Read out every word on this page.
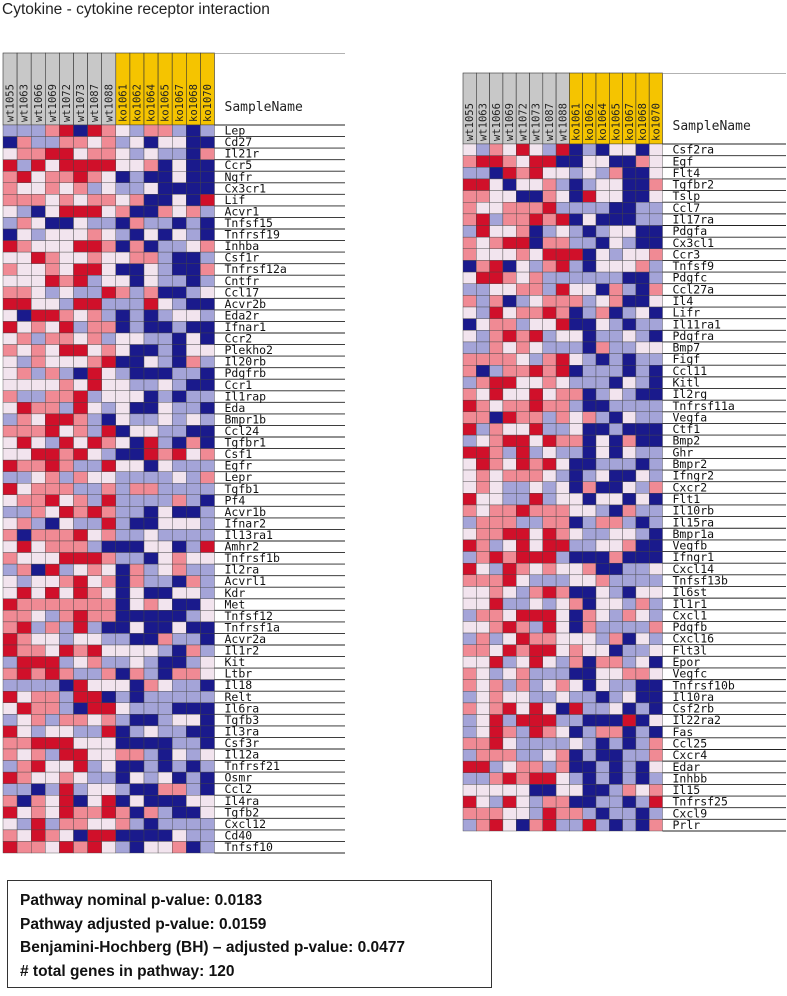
Cytokine - cytokine receptor interaction
wt1055 wt1063 wt1066 wt1069 wt1072 wt1073 wt1087 wt1088 ko1061 ko1062 ko1064 ko1065 ko1067 ko1068 ko1070 SampleName
Lep
Cd27
Il21r
Ccr5
Ngfr
Cx3cr1
Lif
Acvr1
Tnfsf15
Tnfrsf19
Inhba
Csf1r
Tnfrsf12a
Cntfr
Ccl17
Acvr2b
Eda2r
Ifnar1
Ccr2
Plekho2
Il20rb
Pdgfrb
Ccr1
Il1rap
Eda
Bmpr1b
Ccl24
Tgfbr1
Csf1
Egfr
Lepr
Tgfb1
Pf4
Acvr1b
Ifnar2
Il13ra1
Amhr2
Tnfrsf1b
Il2ra
Acvrl1
Kdr
Met
Tnfsf12
Tnfrsf1a
Acvr2a
Il1r2
Kit
Ltbr
Il18
Relt
Il6ra
Tgfb3
Il3ra
Csf3r
Il12a
Tnfrsf21
Osmr
Ccl2
Il4ra
Tgfb2
Cxcl12
Cd40
Tnfsf10
wt1055 wt1063 wt1066 wt1069 wt1072 wt1073 wt1087 wt1088 ko1061 ko1062 ko1064 ko1065 ko1067 ko1068 ko1070 SampleName
Csf2ra
Egf
Flt4
Tgfbr2
Tslp
Ccl7
Il17ra
Pdgfa
Cx3cl1
Ccr3
Tnfsf9
Pdgfc
Ccl27a
Il4
Lifr
Il11ra1
Pdgfra
Bmp7
Figf
Ccl11
Kitl
Il2rg
Tnfrsf11a
Vegfa
Ctf1
Bmp2
Ghr
Bmpr2
Ifngr2
Cxcr2
Flt1
Il10rb
Il15ra
Bmpr1a
Vegfb
Ifngr1
Cxcl14
Tnfsf13b
Il6st
Il1r1
Cxcl1
Pdgfb
Cxcl16
Flt3l
Epor
Vegfc
Tnfrsf10b
Il10ra
Csf2rb
Il22ra2
Fas
Ccl25
Cxcr4
Edar
Inhbb
Il15
Tnfrsf25
Cxcl9
Prlr
Pathway nominal p-value: 0.0183
Pathway adjusted p-value: 0.0159
Benjamini-Hochberg (BH) – adjusted p-value: 0.0477
# total genes in pathway: 120
